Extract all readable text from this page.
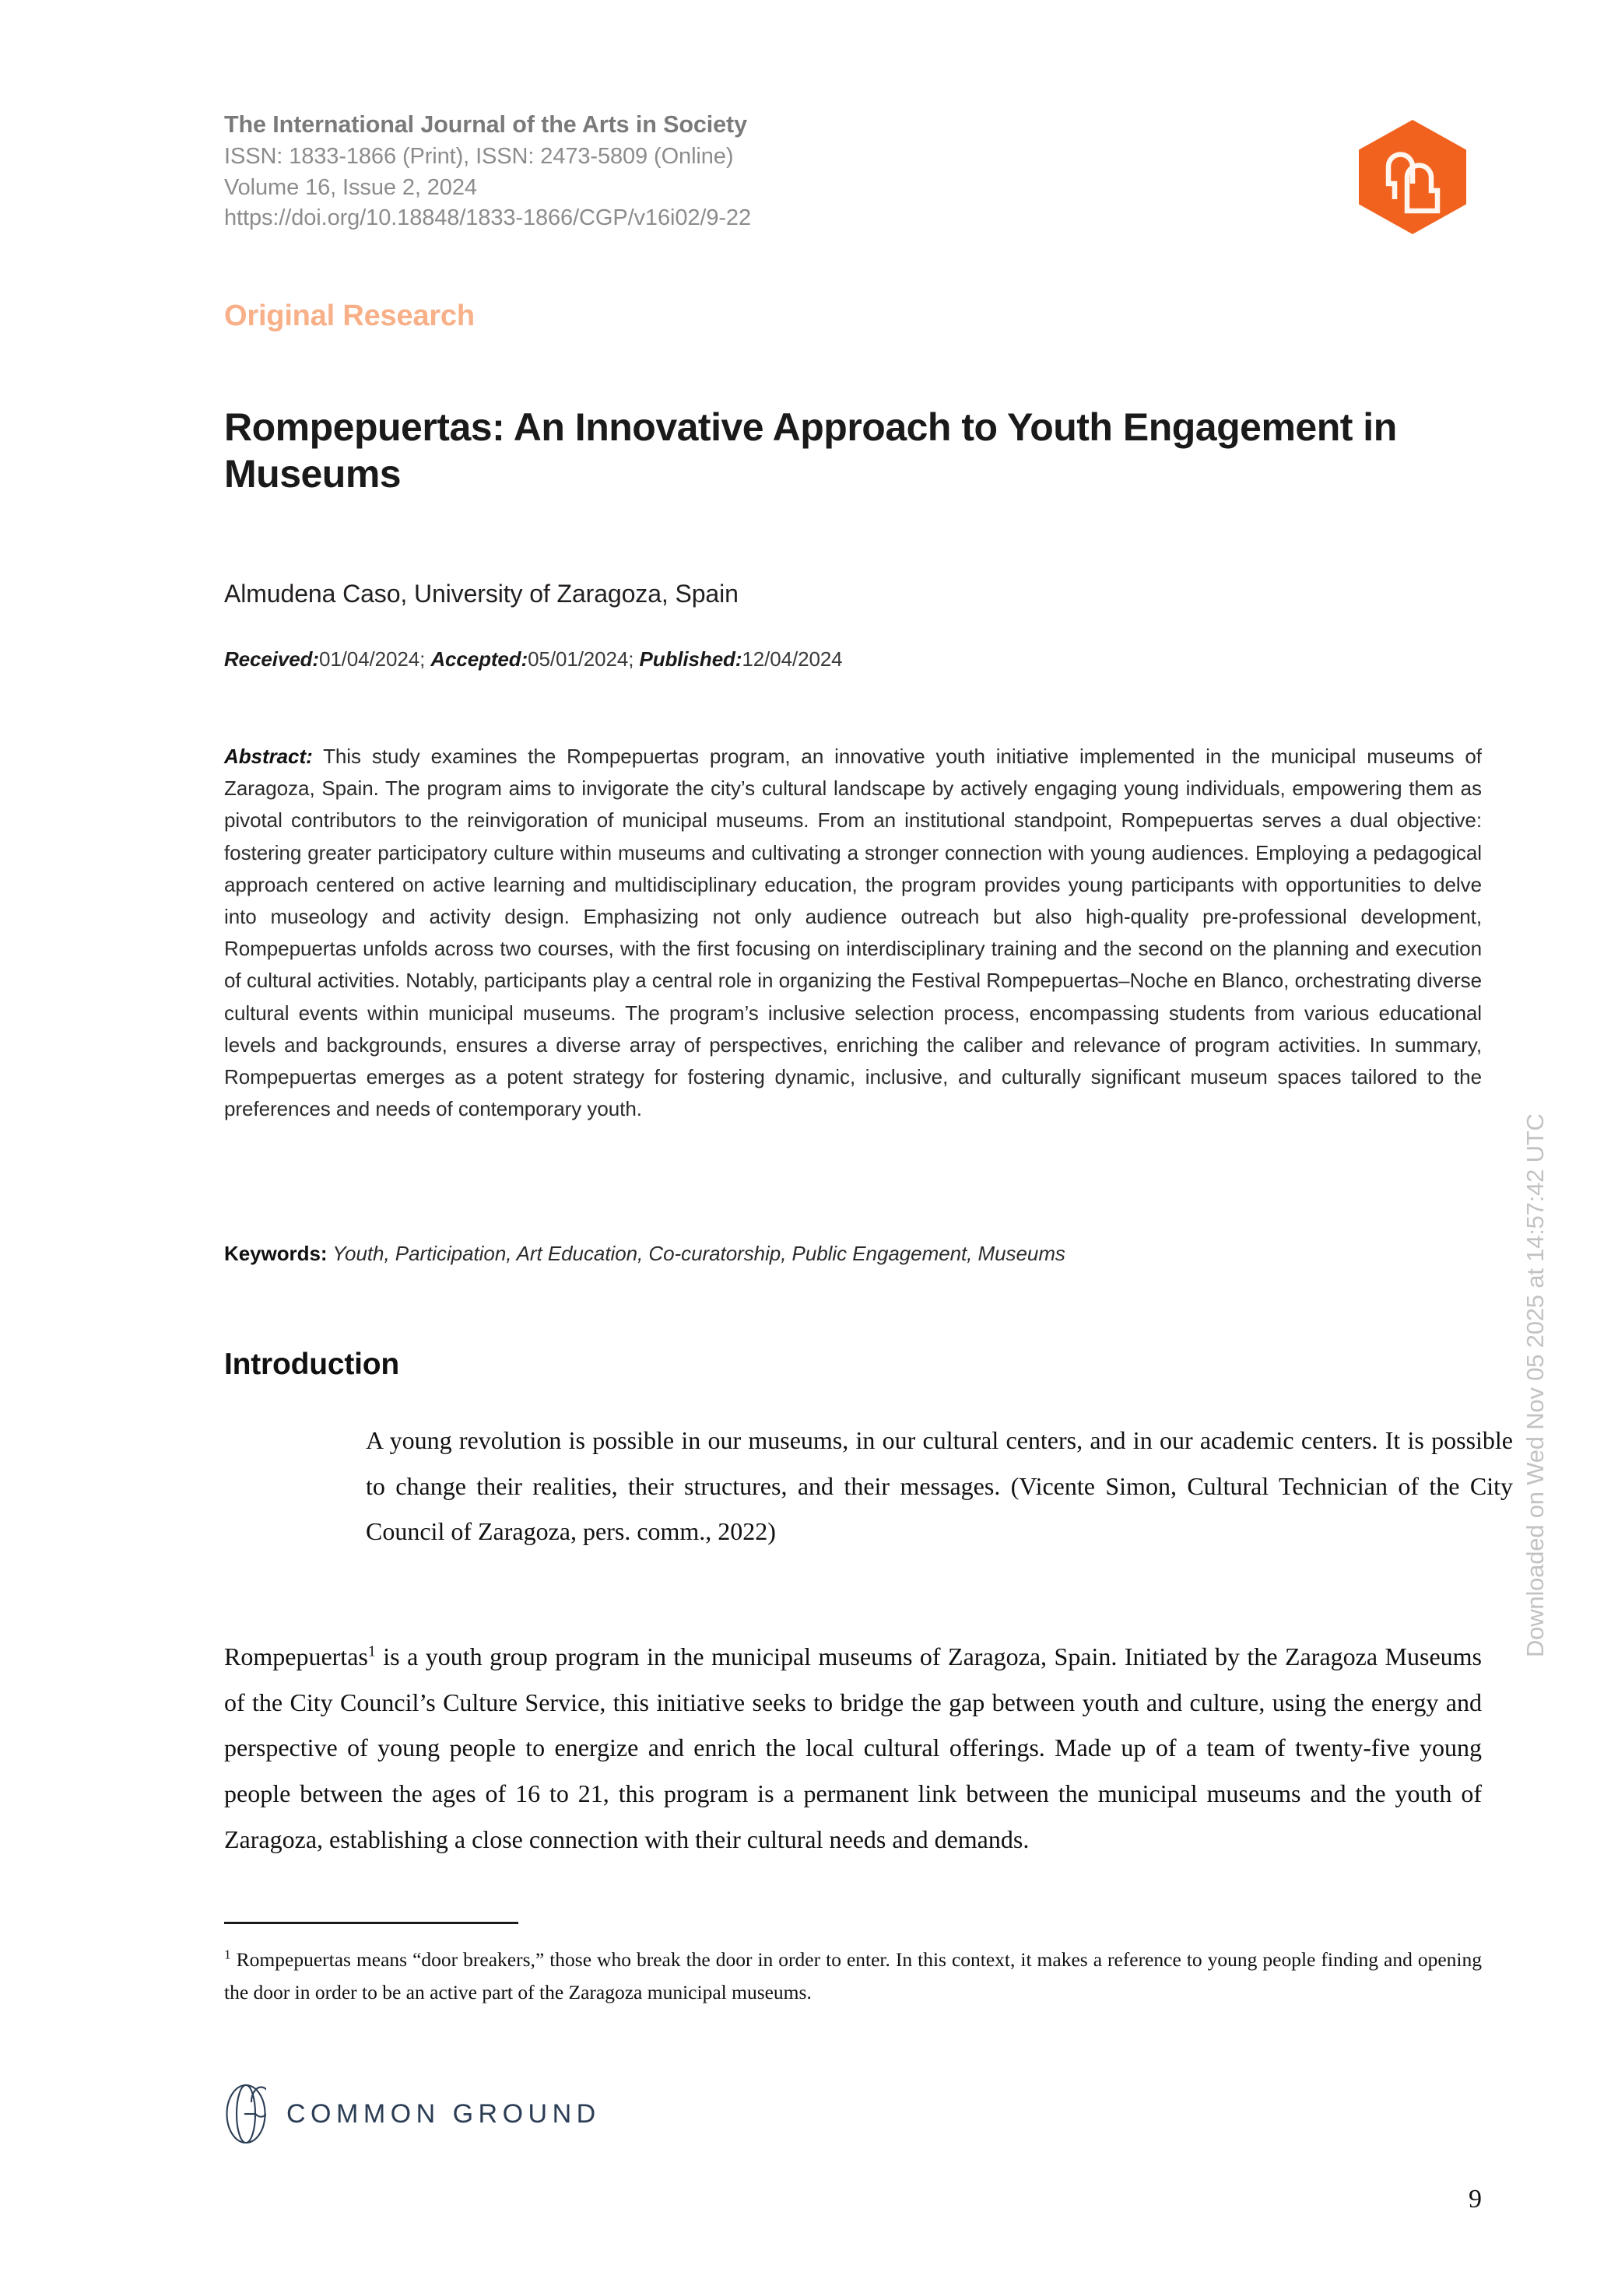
The International Journal of the Arts in Society
ISSN: 1833-1866 (Print), ISSN: 2473-5809 (Online)
Volume 16, Issue 2, 2024
https://doi.org/10.18848/1833-1866/CGP/v16i02/9-22
Original Research
Rompepuertas: An Innovative Approach to Youth Engagement in Museums
Almudena Caso, University of Zaragoza, Spain
Received:01/04/2024; Accepted:05/01/2024; Published:12/04/2024
Abstract: This study examines the Rompepuertas program, an innovative youth initiative implemented in the municipal museums of Zaragoza, Spain. The program aims to invigorate the city’s cultural landscape by actively engaging young individuals, empowering them as pivotal contributors to the reinvigoration of municipal museums. From an institutional standpoint, Rompepuertas serves a dual objective: fostering greater participatory culture within museums and cultivating a stronger connection with young audiences. Employing a pedagogical approach centered on active learning and multidisciplinary education, the program provides young participants with opportunities to delve into museology and activity design. Emphasizing not only audience outreach but also high-quality pre-professional development, Rompepuertas unfolds across two courses, with the first focusing on interdisciplinary training and the second on the planning and execution of cultural activities. Notably, participants play a central role in organizing the Festival Rompepuertas–Noche en Blanco, orchestrating diverse cultural events within municipal museums. The program’s inclusive selection process, encompassing students from various educational levels and backgrounds, ensures a diverse array of perspectives, enriching the caliber and relevance of program activities. In summary, Rompepuertas emerges as a potent strategy for fostering dynamic, inclusive, and culturally significant museum spaces tailored to the preferences and needs of contemporary youth.
Keywords: Youth, Participation, Art Education, Co-curatorship, Public Engagement, Museums
Introduction
A young revolution is possible in our museums, in our cultural centers, and in our academic centers. It is possible to change their realities, their structures, and their messages. (Vicente Simon, Cultural Technician of the City Council of Zaragoza, pers. comm., 2022)

Rompepuertas$^1$ is a youth group program in the municipal museums of Zaragoza, Spain. Initiated by the Zaragoza Museums of the City Council’s Culture Service, this initiative seeks to bridge the gap between youth and culture, using the energy and perspective of young people to energize and enrich the local cultural offerings. Made up of a team of twenty-five young people between the ages of 16 to 21, this program is a permanent link between the municipal museums and the youth of Zaragoza, establishing a close connection with their cultural needs and demands.

$^1$ Rompepuertas means “door breakers,” those who break the door in order to enter. In this context, it makes a reference to young people finding and opening the door in order to be an active part of the Zaragoza municipal museums.
Downloaded on Wed Nov 05 2025 at 14:57:42 UTC
COMMON GROUND
9
